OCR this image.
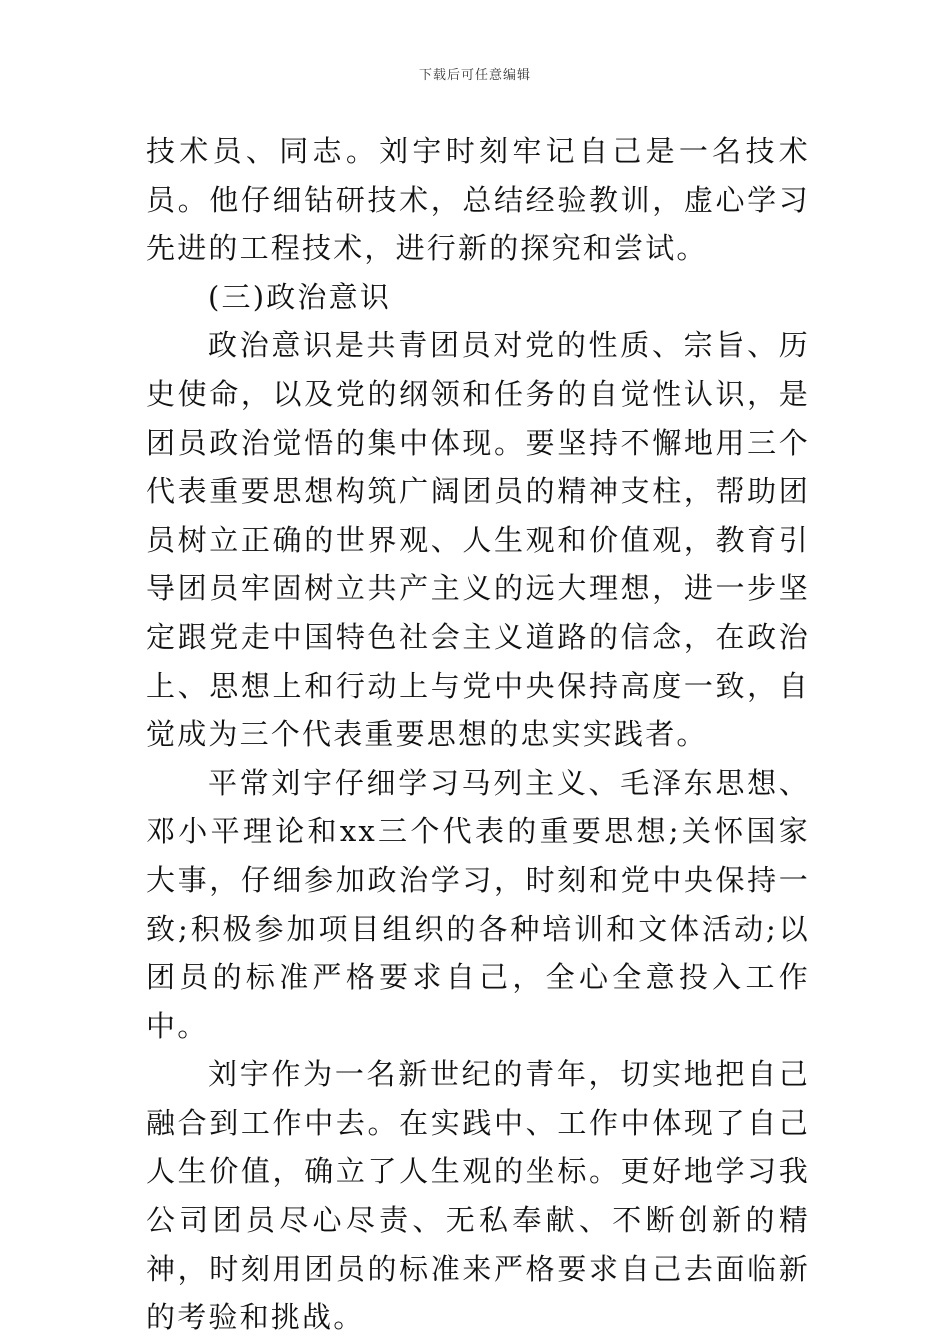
下载后可任意编辑

技术员、同志。刘宇时刻牢记自己是一名技术员。他仔细钻研技术，总结经验教训，虚心学习先进的工程技术，进行新的探究和尝试。

(三)政治意识

政治意识是共青团员对党的性质、宗旨、历史使命，以及党的纲领和任务的自觉性认识，是团员政治觉悟的集中体现。要坚持不懈地用三个代表重要思想构筑广阔团员的精神支柱，帮助团员树立正确的世界观、人生观和价值观，教育引导团员牢固树立共产主义的远大理想，进一步坚定跟党走中国特色社会主义道路的信念，在政治上、思想上和行动上与党中央保持高度一致，自觉成为三个代表重要思想的忠实实践者。

平常刘宇仔细学习马列主义、毛泽东思想、邓小平理论和xx三个代表的重要思想;关怀国家大事，仔细参加政治学习，时刻和党中央保持一致;积极参加项目组织的各种培训和文体活动;以团员的标准严格要求自己，全心全意投入工作中。

刘宇作为一名新世纪的青年，切实地把自己融合到工作中去。在实践中、工作中体现了自己人生价值，确立了人生观的坐标。更好地学习我公司团员尽心尽责、无私奉献、不断创新的精神，时刻用团员的标准来严格要求自己去面临新的考验和挑战。
